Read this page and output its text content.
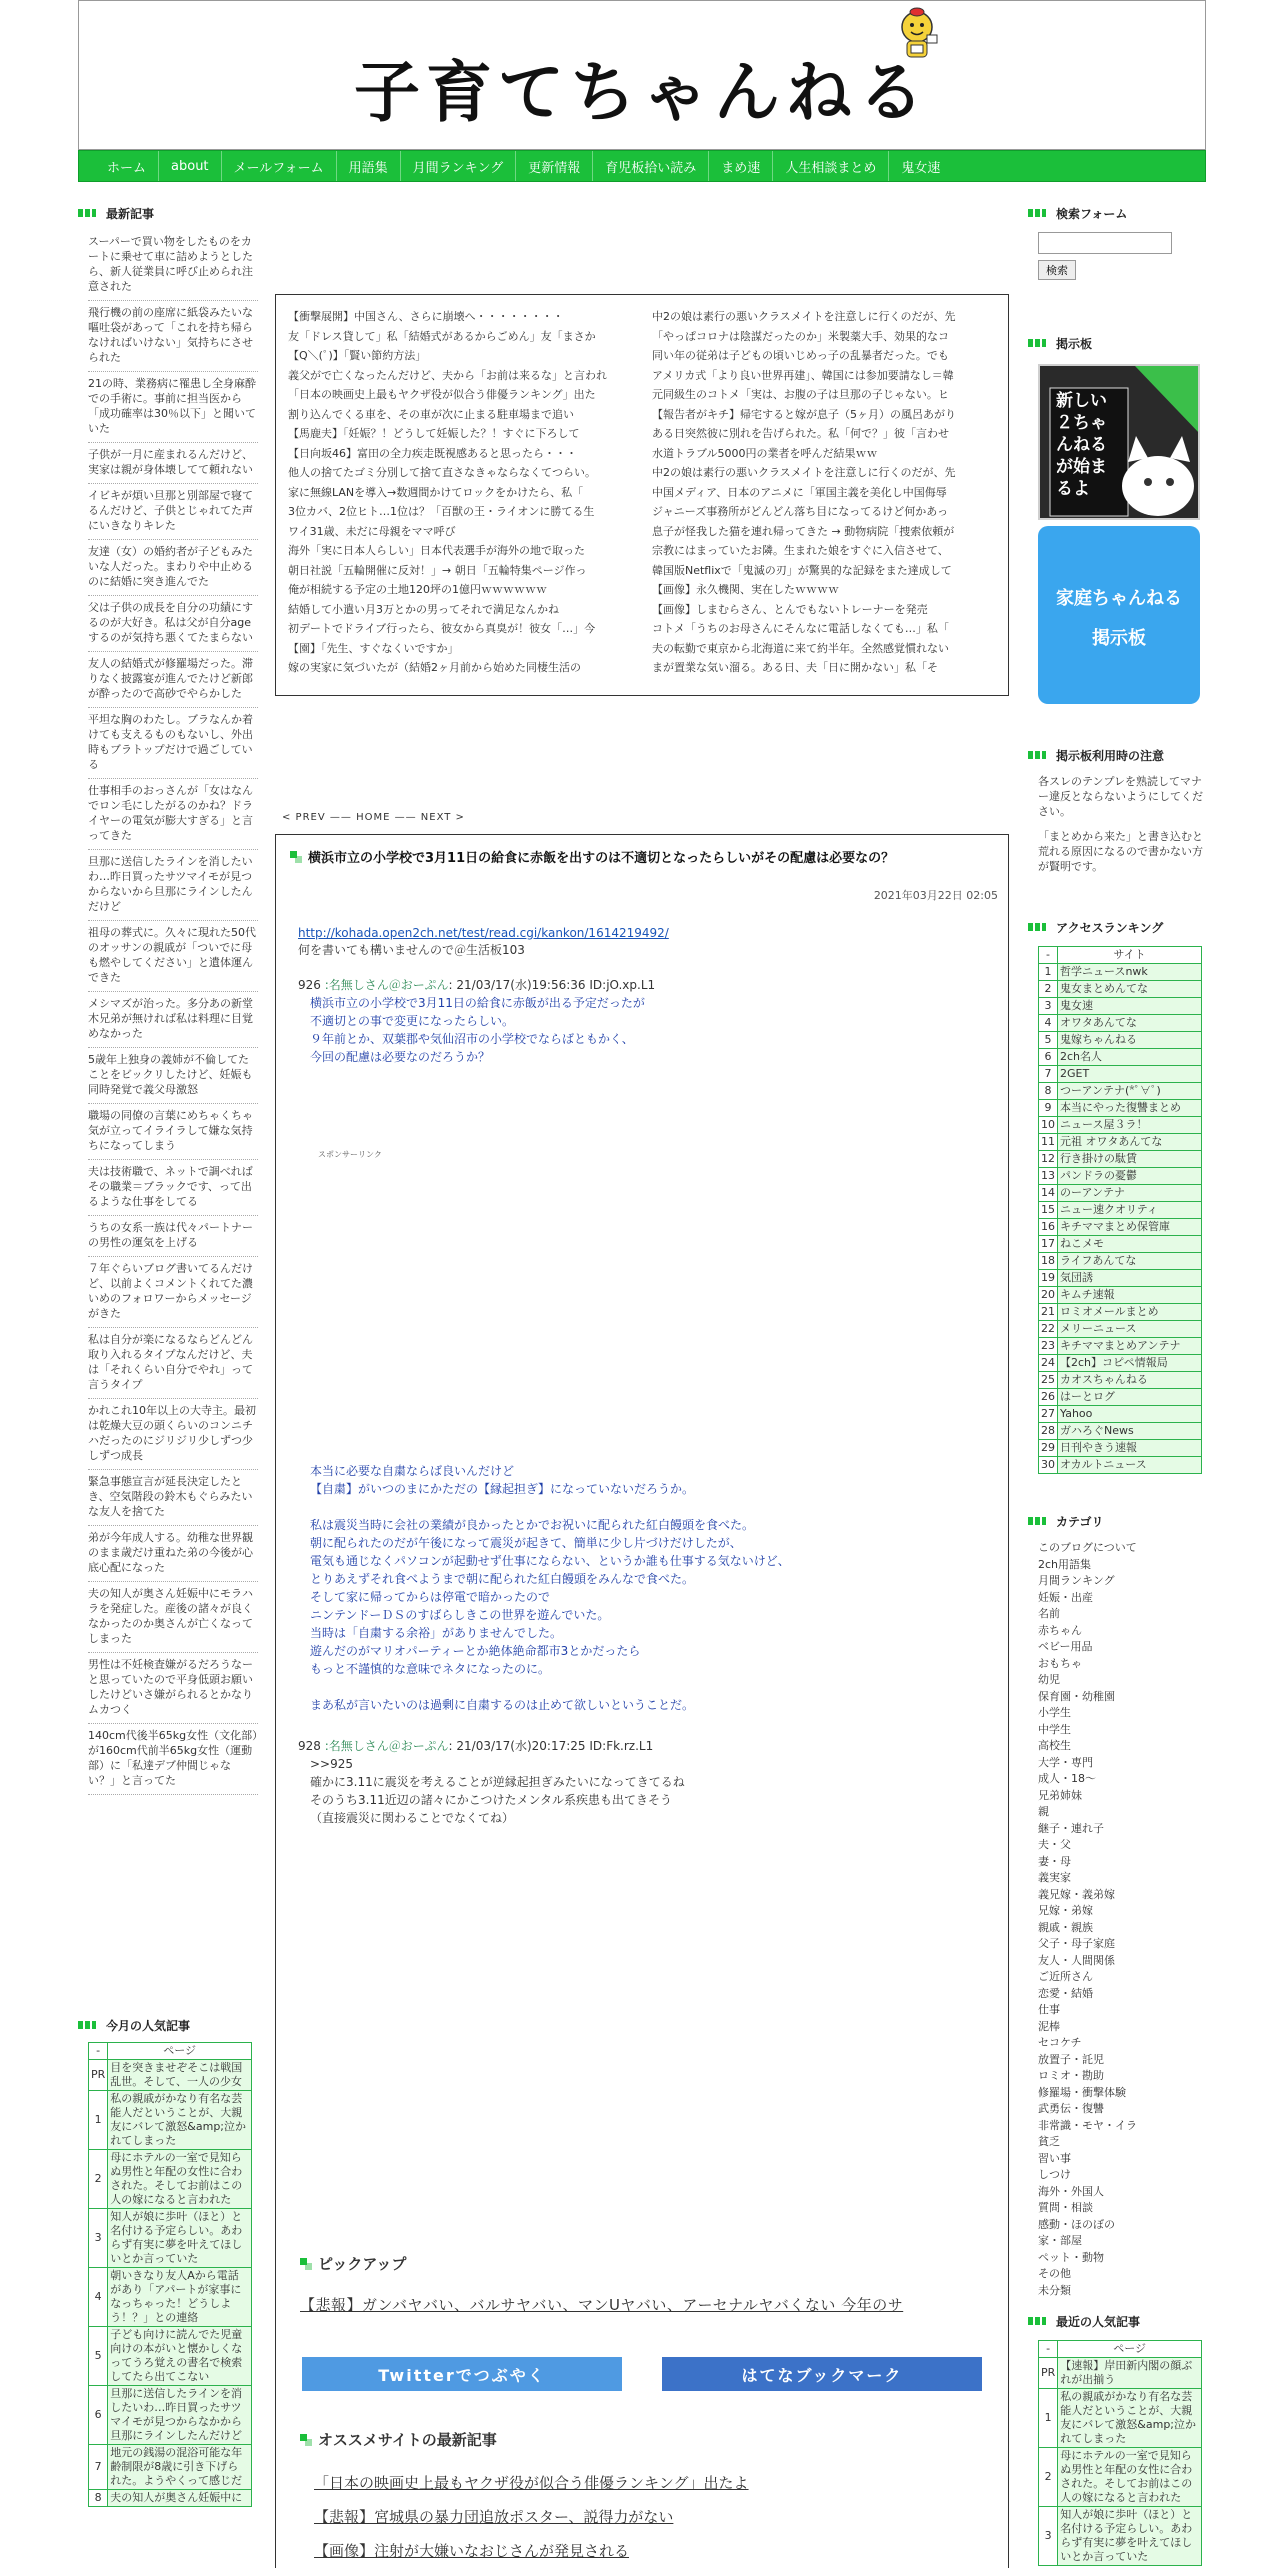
子育てちゃんねる
ホーム	about	メールフォーム	用語集	月間ランキング	更新情報	育児板拾い読み	まめ速	人生相談まとめ	鬼女速
最新記事
スーパーで買い物をしたものをカートに乗せて車に詰めようとしたら、新人従業員に呼び止められ注意された
飛行機の前の座席に紙袋みたいな嘔吐袋があって「これを持ち帰らなければいけない」気持ちにさせられた
21の時、業務病に罹患し全身麻酔での手術に。事前に担当医から「成功確率は30％以下」と聞いていた
子供が一月に産まれるんだけど、実家は親が身体壊してて頼れない
イビキが煩い旦那と別部屋で寝てるんだけど、子供とじゃれてた声にいきなりキレた
友達（女）の婚約者が子どもみたいな人だった。まわりや中止めるのに結婚に突き進んでた
父は子供の成長を自分の功績にするのが大好き。私は父が自分ageするのが気持ち悪くてたまらない
友人の結婚式が修羅場だった。滞りなく披露宴が進んでたけど新郎が酔ったので高砂でやらかした
平坦な胸のわたし。ブラなんか着けても支えるものもないし、外出時もブラトップだけで過ごしている
仕事相手のおっさんが「女はなんでロン毛にしたがるのかね？ドライヤーの電気が膨大すぎる」と言ってきた
旦那に送信したラインを消したいわ…昨日買ったサツマイモが見つからないから旦那にラインしたんだけど
祖母の葬式に。久々に現れた50代のオッサンの親戚が「ついでに母も燃やしてください」と遺体運んできた
メシマズが治った。多分あの新堂木兄弟が無ければ私は料理に目覚めなかった
5歳年上独身の義姉が不倫してたことをビックリしたけど、妊娠も同時発覚で義父母激怒
職場の同僚の言葉にめちゃくちゃ気が立ってイライラして嫌な気持ちになってしまう
夫は技術職で、ネットで調べればその職業＝ブラックです、って出るような仕事をしてる
うちの女系一族は代々パートナーの男性の運気を上げる
７年ぐらいブログ書いてるんだけど、以前よくコメントくれてた濃いめのフォロワーからメッセージがきた
私は自分が楽になるならどんどん取り入れるタイプなんだけど、夫は「それくらい自分でやれ」って言うタイプ
かれこれ10年以上の大寺主。最初は乾燥大豆の頭くらいのコンニチハだったのにジリジリ少しずつ少しずつ成長
緊急事態宣言が延長決定したとき、空気階段の鈴木もぐらみたいな友人を捨てた
弟が今年成人する。幼稚な世界観のまま歳だけ重ねた弟の今後が心底心配になった
夫の知人が奥さん妊娠中にモラハラを発症した。産後の諸々が良くなかったのか奥さんが亡くなってしまった
男性は不妊検査嫌がるだろうなーと思っていたので平身低頭お願いしたけどいさ嫌がられるとかなりムカつく
140cm代後半65kg女性（文化部）が160cm代前半65kg女性（運動部）に「私達デブ仲間じゃない？」と言ってた
今月の人気記事
-	ページ
PR	目を突きませぞそこは戦国乱世。そして、一人の少女
1	私の親戚がかなり有名な芸能人だということが、大親友にバレて激怒&amp;泣かれてしまった
2	母にホテルの一室で見知らぬ男性と年配の女性に合わされた。そしてお前はこの人の嫁になると言われた
3	知人が娘に歩叶（ほと）と名付ける予定らしい。あわらず有実に夢を叶えてほしいとか言っていた
4	朝いきなり友人Aから電話があり「アパートが家事になっちゃった！どうしよう！？」との連絡
5	子ども向けに読んでた児童向けの本がいと懐かしくなってうろ覚えの書名で検索してたら出てこない
6	旦那に送信したラインを消したいわ…昨日買ったサツマイモが見つからなかから旦那にラインしたんだけど
7	地元の銭湯の混浴可能な年齢制限が8歳に引き下げられた。ようやくって感じだ
8	夫の知人が奥さん妊娠中に
【衝撃展開】中国さん、さらに崩壊へ・・・・・・・・
友「ドレス貸して」私「結婚式があるからごめん」友「まさか
【Q＼(ﾟ)】「賢い節約方法」
義父がで亡くなったんだけど、夫から「お前は来るな」と言われ
「日本の映画史上最もヤクザ役が似合う俳優ランキング」出た
割り込んでくる車を、その車が次に止まる駐車場まで追い
【馬鹿夫】「妊娠？！どうして妊娠した？！すぐに下ろして
【日向坂46】富田の全力疾走既視感あると思ったら・・・
他人の捨てたゴミ分別して捨て直さなきゃならなくてつらい。
家に無線LANを導入→数週間かけてロックをかけたら、私「
3位カバ、2位ヒト…1位は？「百獣の王・ライオンに勝てる生
ワイ31歳、未だに母親をママ呼び
海外「実に日本人らしい」日本代表選手が海外の地で取った
朝日社説「五輪開催に反対！」→ 朝日「五輪特集ページ作っ
俺が相続する予定の土地120坪の1億円ｗｗｗｗｗｗ
結婚して小遣い月3万とかの男ってそれで満足なんかね
初デートでドライブ行ったら、彼女から真臭が！彼女「…」今
【園】「先生、すぐなくいですか」
嫁の実家に気づいたが（結婚2ヶ月前から始めた同棲生活の
中2の娘は素行の悪いクラスメイトを注意しに行くのだが、先
「やっぱコロナは陰謀だったのか」米製薬大手、効果的なコ
同い年の従弟は子どもの頃いじめっ子の乱暴者だった。でも
アメリカ式「より良い世界再建」、韓国には参加要請なし＝韓
元同級生のコトメ「実は、お腹の子は旦那の子じゃない。ヒ
【報告者がキチ】帰宅すると嫁が息子（5ヶ月）の風呂あがり
ある日突然彼に別れを告げられた。私「何で？」彼「言わせ
水道トラブル5000円の業者を呼んだ結果ｗｗ
中2の娘は素行の悪いクラスメイトを注意しに行くのだが、先
中国メディア、日本のアニメに「軍国主義を美化し中国侮辱
ジャニーズ事務所がどんどん落ち目になってるけど何かあっ
息子が怪我した猫を連れ帰ってきた → 動物病院「捜索依頼が
宗教にはまっていたお隣。生まれた娘をすぐに入信させて、
韓国版Netflixで「鬼滅の刃」が驚異的な記録をまた達成して
【画像】永久機関、実在したｗｗｗｗ
【画像】しまむらさん、とんでもないトレーナーを発売
コトメ「うちのお母さんにそんなに電話しなくても…」私「
夫の転勤で東京から北海道に来て約半年。全然感覚慣れない
まが置業な気い溜る。ある日、夫「日に開かない」私「そ
< PREV —— HOME —— NEXT >
横浜市立の小学校で3月11日の給食に赤飯を出すのは不適切となったらしいがその配慮は必要なの？
2021年03月22日 02:05
http://kohada.open2ch.net/test/read.cgi/kankon/1614219492/
何を書いても構いませんので＠生活板103
926 :名無しさん＠おーぷん: 21/03/17(水)19:56:36 ID:jO.xp.L1
横浜市立の小学校で3月11日の給食に赤飯が出る予定だったが
不適切との事で変更になったらしい。
９年前とか、双葉郡や気仙沼市の小学校でならばともかく、
今回の配慮は必要なのだろうか？
本当に必要な自粛ならば良いんだけど
【自粛】がいつのまにかただの【縁起担ぎ】になっていないだろうか。
私は震災当時に会社の業績が良かったとかでお祝いに配られた紅白饅頭を食べた。
朝に配られたのだが午後になって震災が起きて、簡単に少し片づけだけしたが、
電気も通じなくパソコンが起動せず仕事にならない、というか誰も仕事する気ないけど、
とりあえずそれ食べようまで朝に配られた紅白饅頭をみんなで食べた。
そして家に帰ってからは停電で暗かったので
ニンテンドーＤＳのすばらしきこの世界を遊んでいた。
当時は「自粛する余裕」がありませんでした。
遊んだのがマリオパーティーとか絶体絶命都市3とかだったら
もっと不謹慎的な意味でネタになったのに。
まあ私が言いたいのは過剰に自粛するのは止めて欲しいということだ。
928 :名無しさん＠おーぷん: 21/03/17(水)20:17:25 ID:Fk.rz.L1
>>925
確かに3.11に震災を考えることが逆縁起担ぎみたいになってきてるね
そのうち3.11近辺の諸々にかこつけたメンタル系疾患も出てきそう
（直接震災に関わることでなくてね）
スポンサーリンク
ピックアップ
【悲報】ガンバヤバい、バルサヤバい、マンUヤバい、アーセナルヤバくない 今年のサ
Twitterでつぶやく	はてなブックマーク
オススメサイトの最新記事
「日本の映画史上最もヤクザ役が似合う俳優ランキング」出たよ
【悲報】宮城県の暴力団追放ポスター、説得力がない
【画像】注射が大嫌いなおじさんが発見される
検索フォーム
検索
掲示板
新しい２ちゃんねるが始まるよ
家庭ちゃんねる
掲示板
掲示板利用時の注意
各スレのテンプレを熟読してマナー違反とならないようにしてください。
「まとめから来た」と書き込むと荒れる原因になるので書かない方が賢明です。
アクセスランキング
-	サイト
1	哲学ニュースnwk
2	鬼女まとめんてな
3	鬼女速
4	オワタあんてな
5	鬼嫁ちゃんねる
6	2ch名人
7	2GET
8	つーアンテナ(*ﾟ∀ﾟ)
9	本当にやった復讐まとめ
10	ニュース屋３ラ！
11	元祖 オワタあんてな
12	行き掛けの駄賃
13	パンドラの憂鬱
14	のーアンテナ
15	ニュー速クオリティ
16	キチママまとめ保管庫
17	ねこメモ
18	ライフあんてな
19	気団誘
20	キムチ速報
21	ロミオメールまとめ
22	メリーニュース
23	キチママまとめアンテナ
24	【2ch】コピペ情報局
25	カオスちゃんねる
26	はーとログ
27	Yahoo
28	ガハろぐNews
29	日刊やきう速報
30	オカルトニュース
カテゴリ
このブログについて
2ch用語集
月間ランキング
妊娠・出産
名前
赤ちゃん
ベビー用品
おもちゃ
幼児
保育園・幼稚園
小学生
中学生
高校生
大学・専門
成人・18～
兄弟姉妹
親
継子・連れ子
夫・父
妻・母
義実家
義兄嫁・義弟嫁
兄嫁・弟嫁
親戚・親族
父子・母子家庭
友人・人間関係
ご近所さん
恋愛・結婚
仕事
泥棒
セコケチ
放置子・託児
ロミオ・勘助
修羅場・衝撃体験
武勇伝・復讐
非常識・モヤ・イラ
貧乏
習い事
しつけ
海外・外国人
質問・相談
感動・ほのぼの
家・部屋
ペット・動物
その他
未分類
最近の人気記事
-	ページ
PR	【速報】岸田新内閣の顔ぶれが出揃う
1	私の親戚がかなり有名な芸能人だということが、大親友にバレて激怒&amp;泣かれてしまった
2	母にホテルの一室で見知らぬ男性と年配の女性に合わされた。そしてお前はこの人の嫁になると言われた
3	知人が娘に歩叶（ほと）と名付ける予定らしい。あわらず有実に夢を叶えてほしいとか言っていた
